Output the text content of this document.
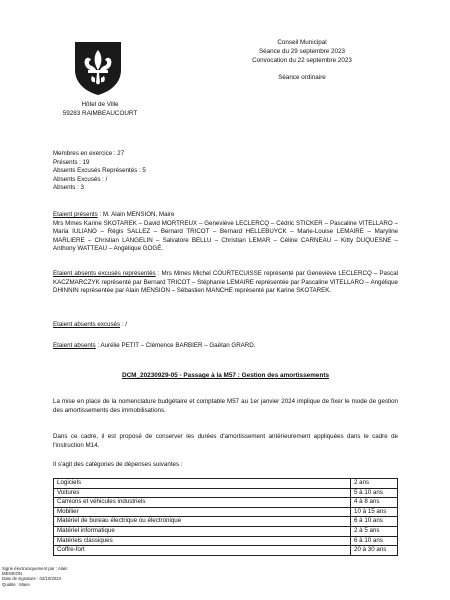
Hôtel de Ville
59283 RAIMBEAUCOURT
Conseil Municipal
Séance du 29 septembre 2023
Convocation du 22 septembre 2023
Séance ordinaire
Membres en exercice : 27
Présents : 19
Absents Excusés Représentés : 5
Absents Excusés : /
Absents : 3
Etaient présents : M. Alain MENSION, Maire
Mrs Mmes Karine SKOTAREK – David MORTREUX – Geneviève LECLERCQ – Cédric STICKER – Pascaline VITELLARO – Maria IULIANO – Régis SALLEZ – Bernard TRICOT – Bernard HELLEBUYCK – Marie-Louise LEMAIRE – Maryline MARLIERE – Christian LANGELIN – Salvatore BELLU – Christian LEMAR – Céline CARNEAU – Kitty DUQUESNE – Anthony WATTEAU – Angélique GOGÉ.
Etaient absents excusés représentés : Mrs Mmes Michel COURTECUISSE représenté par Geneviève LECLERCQ – Pascal KACZMARCZYK représenté par Bernard TRICOT – Stéphanie LEMAIRE représentée par Pascaline VITELLARO – Angélique DHINNIN représentée par Alain MENSION – Sébastien MANCHE représenté par Karine SKOTAREK.
Etaient absents excusés : /
Etaient absents : Aurélie PETIT – Clémence BARBIER – Gaëtan GRARD.
DCM_20230929-05 - Passage à la M57 : Gestion des amortissements
La mise en place de la nomenclature budgétaire et comptable M57 au 1er janvier 2024 implique de fixer le mode de gestion des amortissements des immobilisations.
Dans ce cadre, il est proposé de conserver les durées d'amortissement antérieurement appliquées dans le cadre de l'instruction M14.
Il s'agit des catégories de dépenses suivantes :
Logiciels	2 ans
Voitures	5 à 10 ans
Camions et véhicules industriels	4 à 8 ans
Mobilier	10 à 15 ans
Matériel de bureau électrique ou électronique	6 à 10 ans
Matériel informatique	2 à 5 ans
Matériels classiques	6 à 10 ans
Coffre-fort	20 à 30 ans
Signé électroniquement par : Alain
MENSION
Date de signature : 02/10/2023
Qualité : Maire
